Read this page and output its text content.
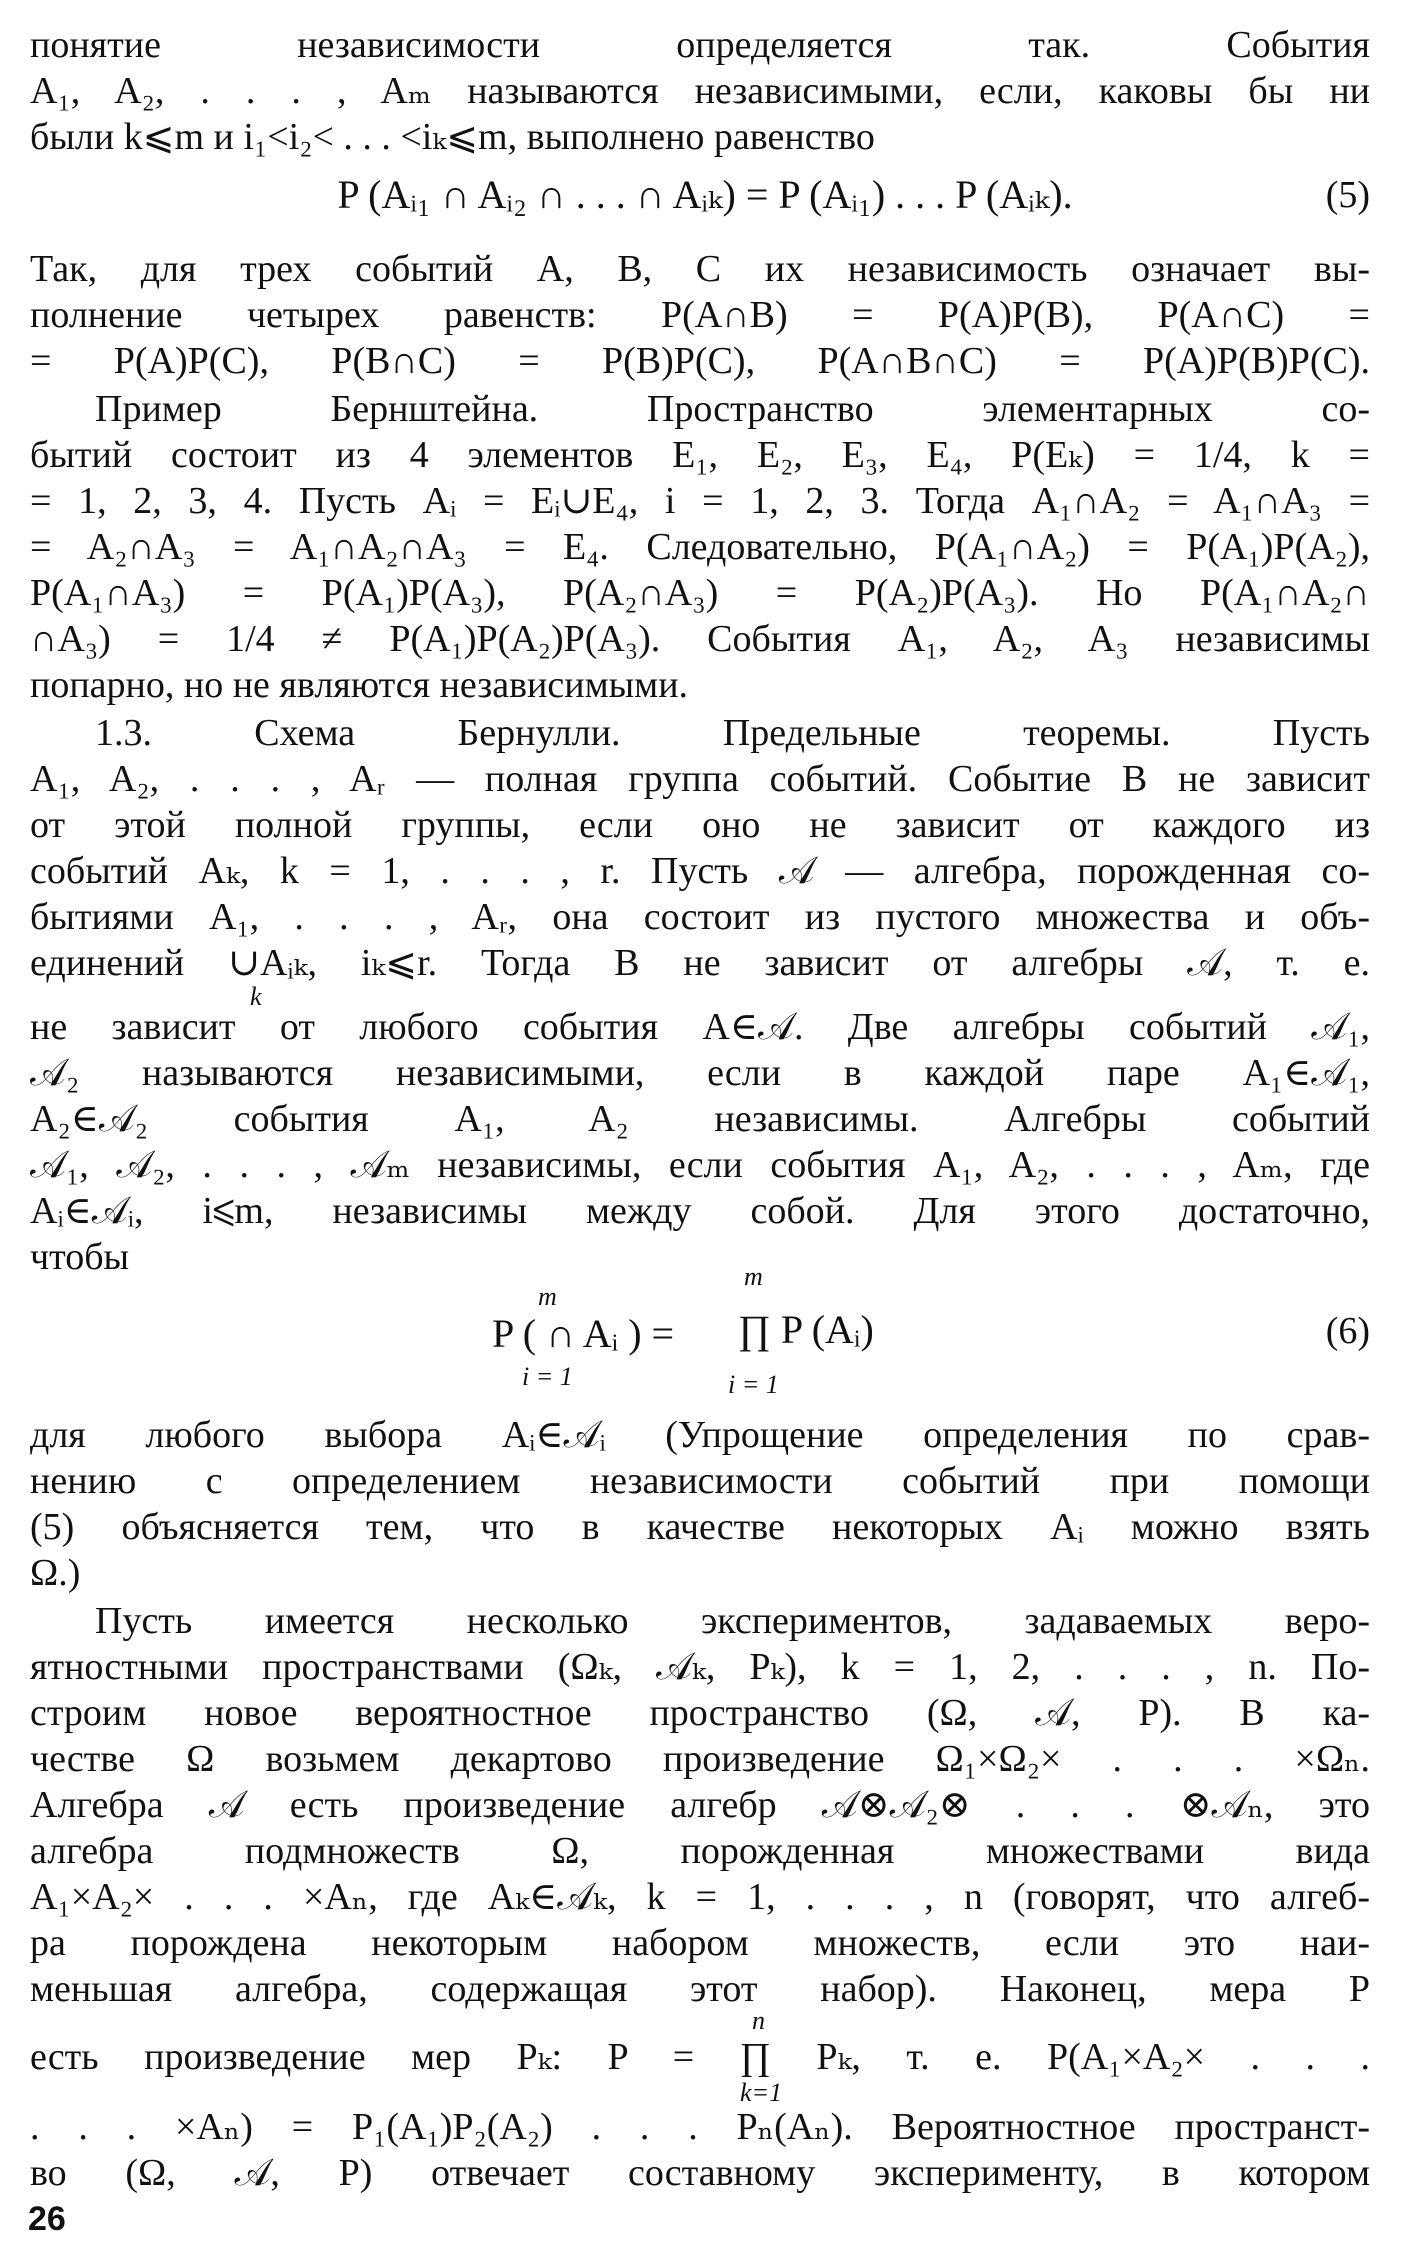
понятие независимости определяется так. События
A₁, A₂, . . . , Aₘ называются независимыми, если, каковы бы ни
были k⩽m и i₁<i₂< . . . <iₖ⩽m, выполнено равенство
P (Aᵢ₁ ∩ Aᵢ₂ ∩ . . . ∩ Aᵢₖ) = P (Aᵢ₁) . . . P (Aᵢₖ).	(5)
Так, для трех событий A, B, C их независимость означает вы-
полнение четырех равенств: P(A∩B) = P(A)P(B), P(A∩C) =
= P(A)P(C), P(B∩C) = P(B)P(C), P(A∩B∩C) = P(A)P(B)P(C).
Пример Бернштейна. Пространство элементарных со-
бытий состоит из 4 элементов E₁, E₂, E₃, E₄, P(Eₖ) = 1/4, k =
= 1, 2, 3, 4. Пусть Aᵢ = Eᵢ∪E₄, i = 1, 2, 3. Тогда A₁∩A₂ = A₁∩A₃ =
= A₂∩A₃ = A₁∩A₂∩A₃ = E₄. Следовательно, P(A₁∩A₂) = P(A₁)P(A₂),
P(A₁∩A₃) = P(A₁)P(A₃), P(A₂∩A₃) = P(A₂)P(A₃). Но P(A₁∩A₂∩
∩A₃) = 1/4 ≠ P(A₁)P(A₂)P(A₃). События A₁, A₂, A₃ независимы
попарно, но не являются независимыми.
1.3. Схема Бернулли. Предельные теоремы. Пусть
A₁, A₂, . . . , Aᵣ — полная группа событий. Событие B не зависит
от этой полной группы, если оно не зависит от каждого из
событий Aₖ, k = 1, . . . , r. Пусть 𝒜 — алгебра, порожденная со-
бытиями A₁, . . . , Aᵣ, она состоит из пустого множества и объ-
единений ∪Aᵢₖ, iₖ⩽r. Тогда B не зависит от алгебры 𝒜, т. е.
k
не зависит от любого события A∈𝒜. Две алгебры событий 𝒜₁,
𝒜₂ называются независимыми, если в каждой паре A₁∈𝒜₁,
A₂∈𝒜₂ события A₁, A₂ независимы. Алгебры событий
𝒜₁, 𝒜₂, . . . , 𝒜ₘ независимы, если события A₁, A₂, . . . , Aₘ, где
Aᵢ∈𝒜ᵢ, i⩽m, независимы между собой. Для этого достаточно,
чтобы
m
P ( ∩ Aᵢ ) =
i = 1
m
∏ P (Aᵢ)
i = 1
(6)
для любого выбора Aᵢ∈𝒜ᵢ (Упрощение определения по срав-
нению с определением независимости событий при помощи
(5) объясняется тем, что в качестве некоторых Aᵢ можно взять
Ω.)
Пусть имеется несколько экспериментов, задаваемых веро-
ятностными пространствами (Ωₖ, 𝒜ₖ, Pₖ), k = 1, 2, . . . , n. По-
строим новое вероятностное пространство (Ω, 𝒜, P). В ка-
честве Ω возьмем декартово произведение Ω₁×Ω₂× . . . ×Ωₙ.
Алгебра 𝒜 есть произведение алгебр 𝒜⊗𝒜₂⊗ . . . ⊗𝒜ₙ, это
алгебра подмножеств Ω, порожденная множествами вида
A₁×A₂× . . . ×Aₙ, где Aₖ∈𝒜ₖ, k = 1, . . . , n (говорят, что алгеб-
ра порождена некоторым набором множеств, если это наи-
меньшая алгебра, содержащая этот набор). Наконец, мера P
n
есть произведение мер Pₖ: P = ∏ Pₖ, т. е. P(A₁×A₂× . . .
k=1
. . . ×Aₙ) = P₁(A₁)P₂(A₂) . . . Pₙ(Aₙ). Вероятностное пространст-
во (Ω, 𝒜, P) отвечает составному эксперименту, в котором
26
